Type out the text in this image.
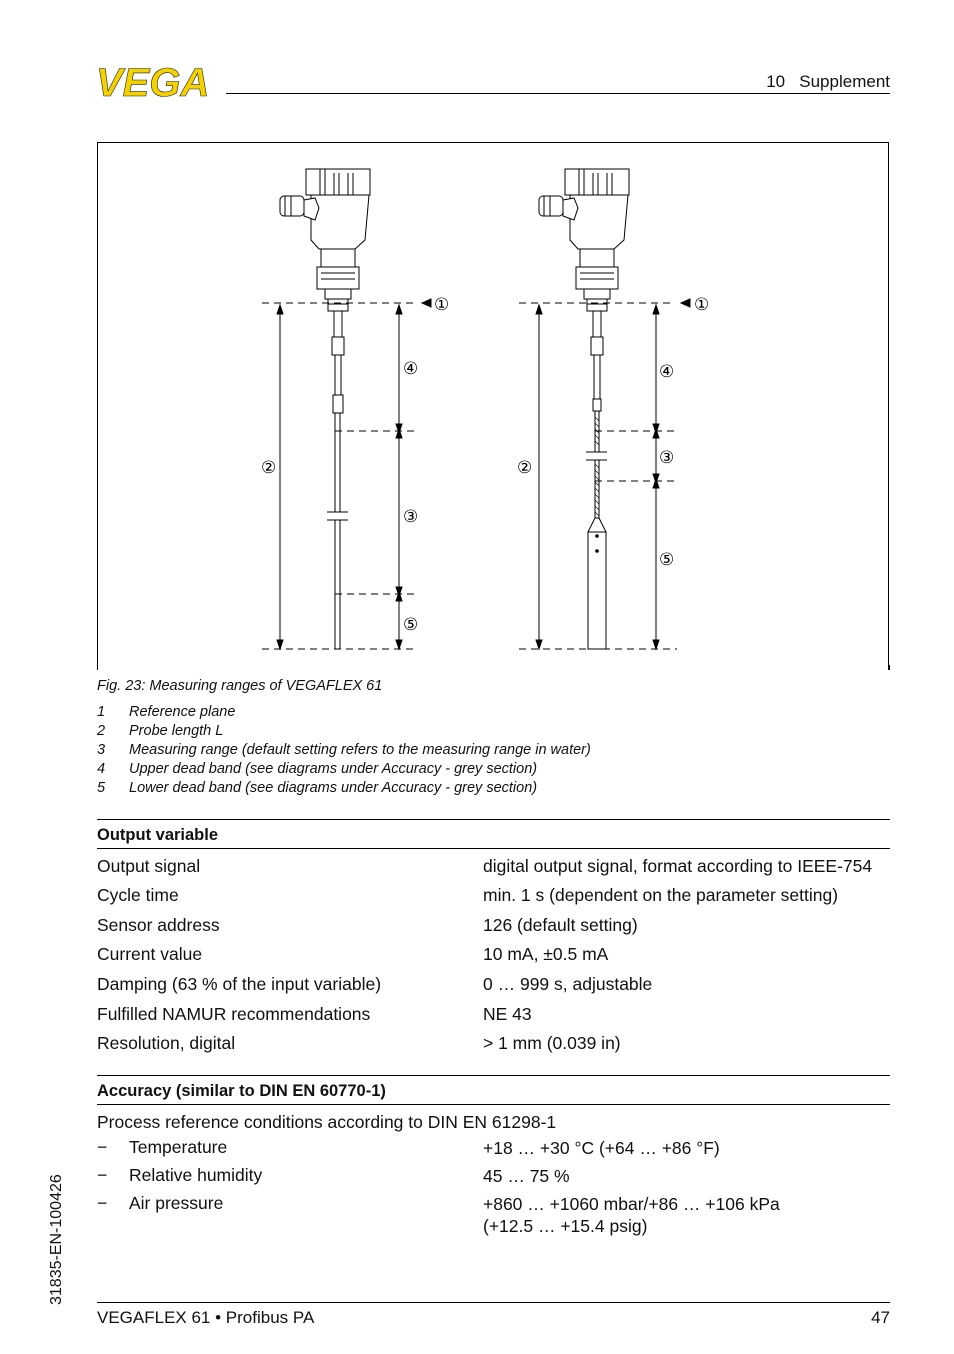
VEGA	10   Supplement
①
④
②
③
⑤
①
④
②	③
⑤
Fig. 23: Measuring ranges of VEGAFLEX 61
1	Reference plane
2	Probe length L
3	Measuring range (default setting refers to the measuring range in water)
4	Upper dead band (see diagrams under Accuracy - grey section)
5	Lower dead band (see diagrams under Accuracy - grey section)
Output variable
Output signal	digital output signal, format according to IEEE-754
Cycle time	min. 1 s (dependent on the parameter setting)
Sensor address	126 (default setting)
Current value	10 mA, ±0.5 mA
Damping (63 % of the input variable)	0 … 999 s, adjustable
Fulfilled NAMUR recommendations	NE 43
Resolution, digital	> 1 mm (0.039 in)
Accuracy (similar to DIN EN 60770-1)
Process reference conditions according to DIN EN 61298-1
−	Temperature	+18 … +30 °C (+64 … +86 °F)
−	Relative humidity	45 … 75 %
−	Air pressure	+860 … +1060 mbar/+86 … +106 kPa
(+12.5 … +15.4 psig)
31835-EN-100426
VEGAFLEX 61 • Profibus PA	47
